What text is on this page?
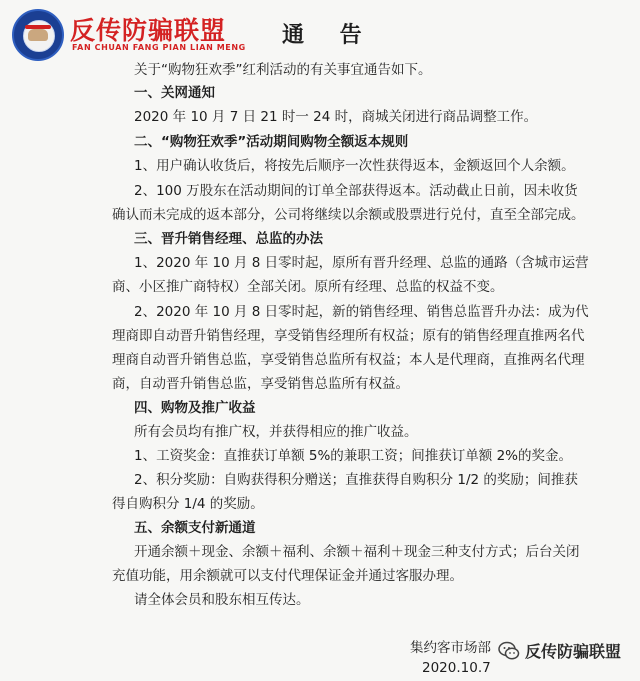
反传防骗联盟
FAN CHUAN FANG PIAN LIAN MENG 通 告
关于“购物狂欢季”红利活动的有关事宜通告如下。
一、关网通知
2020 年 10 月 7 日 21 时一 24 时，商城关闭进行商品调整工作。
二、“购物狂欢季”活动期间购物全额返本规则
1、用户确认收货后，将按先后顺序一次性获得返本，金额返回个人余额。
2、100 万股东在活动期间的订单全部获得返本。活动截止日前，因未收货
确认而未完成的返本部分，公司将继续以余额或股票进行兑付，直至全部完成。
三、晋升销售经理、总监的办法
1、2020 年 10 月 8 日零时起，原所有晋升经理、总监的通路（含城市运营
商、小区推广商特权）全部关闭。原所有经理、总监的权益不变。
2、2020 年 10 月 8 日零时起，新的销售经理、销售总监晋升办法：成为代
理商即自动晋升销售经理，享受销售经理所有权益；原有的销售经理直推两名代
理商自动晋升销售总监，享受销售总监所有权益；本人是代理商，直推两名代理
商，自动晋升销售总监，享受销售总监所有权益。
四、购物及推广收益
所有会员均有推广权，并获得相应的推广收益。
1、工资奖金：直推获订单额 5%的兼职工资；间推获订单额 2%的奖金。
2、积分奖励：自购获得积分赠送；直推获得自购积分 1/2 的奖励；间推获
得自购积分 1/4 的奖励。
五、余额支付新通道
开通余额＋现金、余额＋福利、余额＋福利＋现金三种支付方式；后台关闭
充值功能，用余额就可以支付代理保证金并通过客服办理。
请全体会员和股东相互传达。
集约客市场部
2020.10.7
反传防骗联盟
